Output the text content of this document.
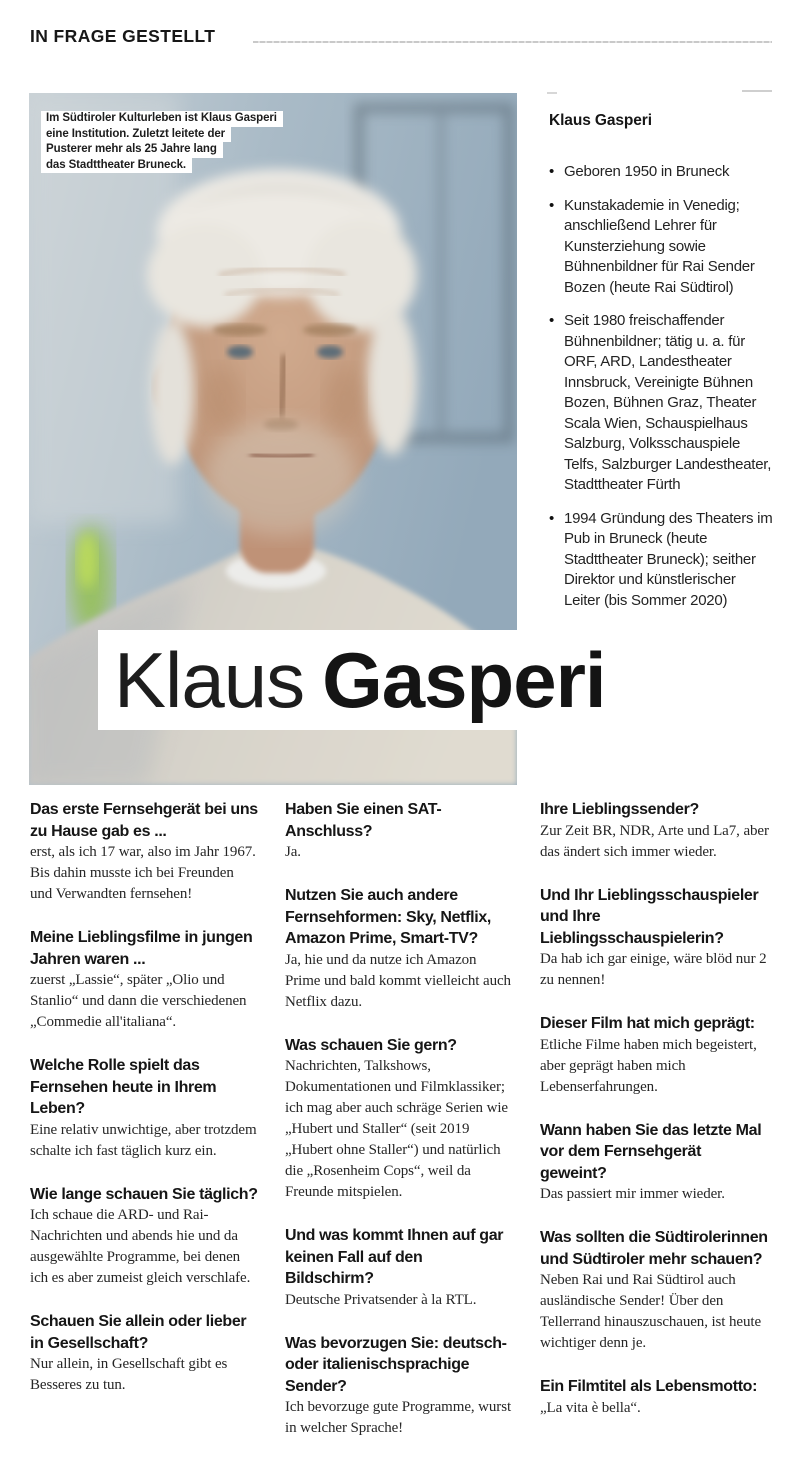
IN FRAGE GESTELLT
Im Südtiroler Kulturleben ist Klaus Gasperi
eine Institution. Zuletzt leitete der
Pusterer mehr als 25 Jahre lang
das Stadttheater Bruneck.

Klaus Gasperi

• Geboren 1950 in Bruneck
• Kunstakademie in Venedig; anschließend Lehrer für Kunsterziehung sowie Bühnenbildner für Rai Sender Bozen (heute Rai Südtirol)
• Seit 1980 freischaffender Bühnenbildner; tätig u. a. für ORF, ARD, Landestheater Innsbruck, Vereinigte Bühnen Bozen, Bühnen Graz, Theater Scala Wien, Schauspielhaus Salzburg, Volksschauspiele Telfs, Salzburger Landestheater, Stadttheater Fürth
• 1994 Gründung des Theaters im Pub in Bruneck (heute Stadttheater Bruneck); seither Direktor und künstlerischer Leiter (bis Sommer 2020)
Klaus Gasperi
Das erste Fernsehgerät bei uns zu Hause gab es ...
erst, als ich 17 war, also im Jahr 1967. Bis dahin musste ich bei Freunden und Verwandten fernsehen!
Meine Lieblingsfilme in jungen Jahren waren ...
zuerst „Lassie“, später „Olio und Stanlio“ und dann die verschiedenen „Commedie all'italiana“.
Welche Rolle spielt das Fernsehen heute in Ihrem Leben?
Eine relativ unwichtige, aber trotzdem schalte ich fast täglich kurz ein.
Wie lange schauen Sie täglich?
Ich schaue die ARD- und Rai-Nachrichten und abends hie und da ausgewählte Programme, bei denen ich es aber zumeist gleich verschlafe.
Schauen Sie allein oder lieber in Gesellschaft?
Nur allein, in Gesellschaft gibt es Besseres zu tun.
Haben Sie einen SAT-Anschluss?
Ja.
Nutzen Sie auch andere Fernsehformen: Sky, Netflix, Amazon Prime, Smart-TV?
Ja, hie und da nutze ich Amazon Prime und bald kommt vielleicht auch Netflix dazu.
Was schauen Sie gern?
Nachrichten, Talkshows, Dokumentationen und Filmklassiker; ich mag aber auch schräge Serien wie „Hubert und Staller“ (seit 2019 „Hubert ohne Staller“) und natürlich die „Rosenheim Cops“, weil da Freunde mitspielen.
Und was kommt Ihnen auf gar keinen Fall auf den Bildschirm?
Deutsche Privatsender à la RTL.
Was bevorzugen Sie: deutsch- oder italienischsprachige Sender?
Ich bevorzuge gute Programme, wurst in welcher Sprache!
Ihre Lieblingssender?
Zur Zeit BR, NDR, Arte und La7, aber das ändert sich immer wieder.
Und Ihr Lieblingsschauspieler und Ihre Lieblingsschauspielerin?
Da hab ich gar einige, wäre blöd nur 2 zu nennen!
Dieser Film hat mich geprägt:
Etliche Filme haben mich begeistert, aber geprägt haben mich Lebenserfahrungen.
Wann haben Sie das letzte Mal vor dem Fernsehgerät geweint?
Das passiert mir immer wieder.
Was sollten die Südtirolerinnen und Südtiroler mehr schauen?
Neben Rai und Rai Südtirol auch ausländische Sender! Über den Tellerrand hinauszuschauen, ist heute wichtiger denn je.
Ein Filmtitel als Lebensmotto:
„La vita è bella“.
